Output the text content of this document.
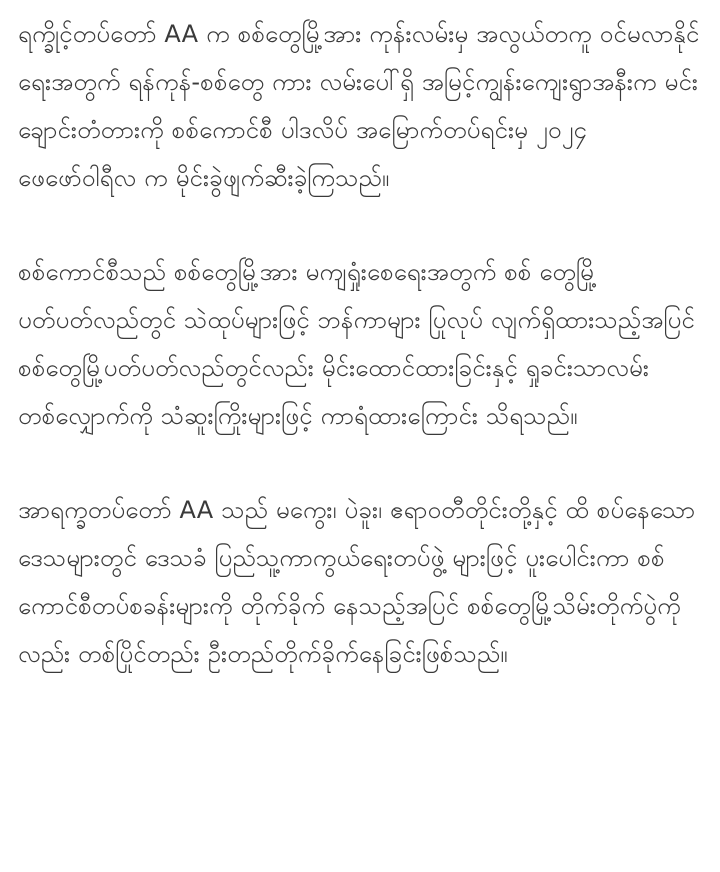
ရက္ခိုင့်တပ်တော် AA က စစ်တွေမြို့အား ကုန်းလမ်းမှ အလွယ်တကူ ဝင်မလာနိုင်ရေးအတွက် ရန်ကုန်-စစ်တွေ ကား လမ်းပေါ်ရှိ အမြင့်ကျွန်းကျေးရွာအနီးက မင်းချောင်းတံတားကို စစ်ကောင်စီ ပါဒလိပ် အမြောက်တပ်ရင်းမှ ၂၀၂၄ ဖေဖော်ဝါရီလ က မိုင်းခွဲဖျက်ဆီးခဲ့ကြသည်။

စစ်ကောင်စီသည် စစ်တွေမြို့အား မကျရှုံးစေရေးအတွက် စစ် တွေမြို့ ပတ်ပတ်လည်တွင် သဲထုပ်များဖြင့် ဘန်ကာများ ပြုလုပ် လျက်ရှိထားသည့်အပြင် စစ်တွေမြို့ပတ်ပတ်လည်တွင်လည်း မိုင်းထောင်ထားခြင်းနှင့် ရှုခင်းသာလမ်းတစ်လျှောက်ကို သံဆူးကြိုးများဖြင့် ကာရံထားကြောင်း သိရသည်။

အာရက္ခတပ်တော် AA သည် မကွေး၊ ပဲခူး၊ ဧရာဝတီတိုင်းတို့နှင့် ထိ စပ်နေသော ဒေသများတွင် ဒေသခံ ပြည်သူ့ကာကွယ်ရေးတပ်ဖွဲ့ များဖြင့် ပူးပေါင်းကာ စစ်ကောင်စီတပ်စခန်းများကို တိုက်ခိုက် နေသည့်အပြင် စစ်တွေမြို့သိမ်းတိုက်ပွဲကိုလည်း တစ်ပြိုင်တည်း ဦးတည်တိုက်ခိုက်နေခြင်းဖြစ်သည်။
